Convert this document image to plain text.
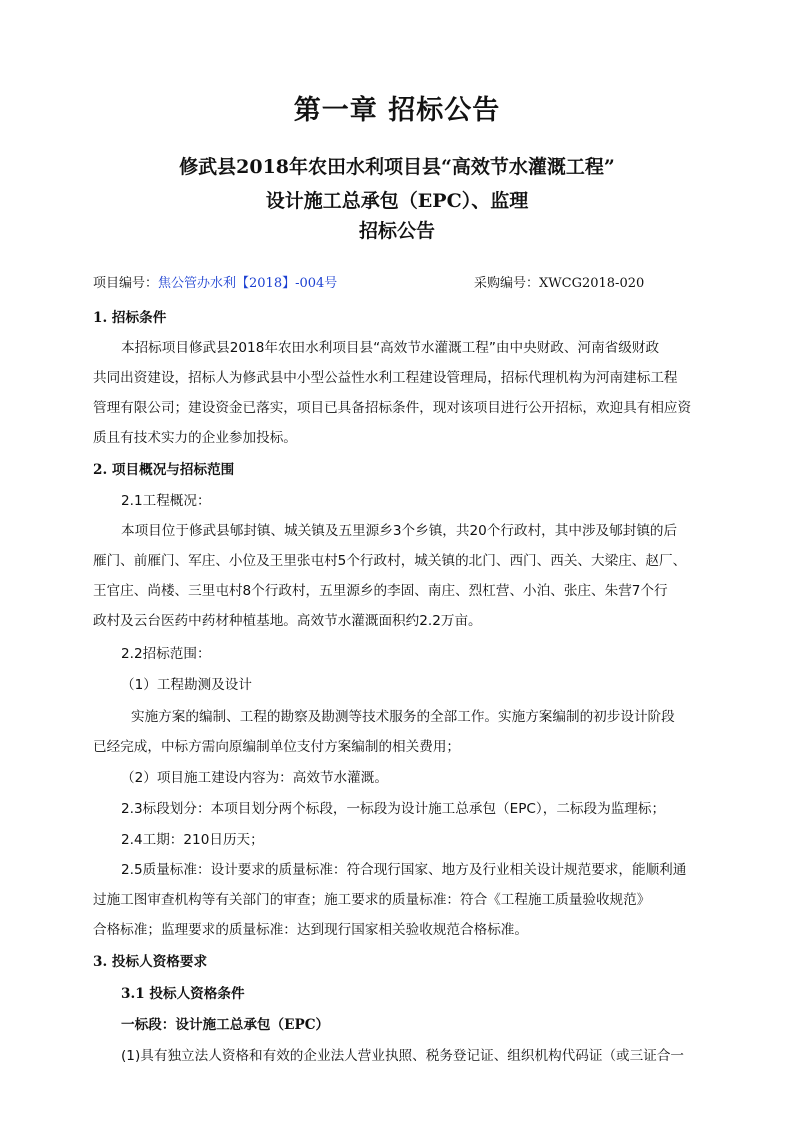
第一章 招标公告
修武县2018年农田水利项目县“高效节水灌溉工程”
设计施工总承包（EPC）、监理
招标公告
项目编号：焦公管办水利【2018】-004号	采购编号：XWCG2018-020
1. 招标条件
本招标项目修武县2018年农田水利项目县“高效节水灌溉工程”由中央财政、河南省级财政
共同出资建设，招标人为修武县中小型公益性水利工程建设管理局，招标代理机构为河南建标工程
管理有限公司；建设资金已落实，项目已具备招标条件，现对该项目进行公开招标，欢迎具有相应资
质且有技术实力的企业参加投标。
2. 项目概况与招标范围
2.1工程概况：
本项目位于修武县郇封镇、城关镇及五里源乡3个乡镇，共20个行政村，其中涉及郇封镇的后
雁门、前雁门、军庄、小位及王里张屯村5个行政村，城关镇的北门、西门、西关、大梁庄、赵厂、
王官庄、尚楼、三里屯村8个行政村，五里源乡的李固、南庄、烈杠营、小泊、张庄、朱营7个行
政村及云台医药中药材种植基地。高效节水灌溉面积约2.2万亩。
2.2招标范围：
（1）工程勘测及设计
实施方案的编制、工程的勘察及勘测等技术服务的全部工作。实施方案编制的初步设计阶段
已经完成，中标方需向原编制单位支付方案编制的相关费用；
（2）项目施工建设内容为：高效节水灌溉。
2.3标段划分：本项目划分两个标段，一标段为设计施工总承包（EPC），二标段为监理标；
2.4工期：210日历天；
2.5质量标准：设计要求的质量标准：符合现行国家、地方及行业相关设计规范要求，能顺利通
过施工图审查机构等有关部门的审查；施工要求的质量标准：符合《工程施工质量验收规范》
合格标准；监理要求的质量标准：达到现行国家相关验收规范合格标准。
3. 投标人资格要求
3.1 投标人资格条件
一标段：设计施工总承包（EPC）
(1)具有独立法人资格和有效的企业法人营业执照、税务登记证、组织机构代码证（或三证合一
